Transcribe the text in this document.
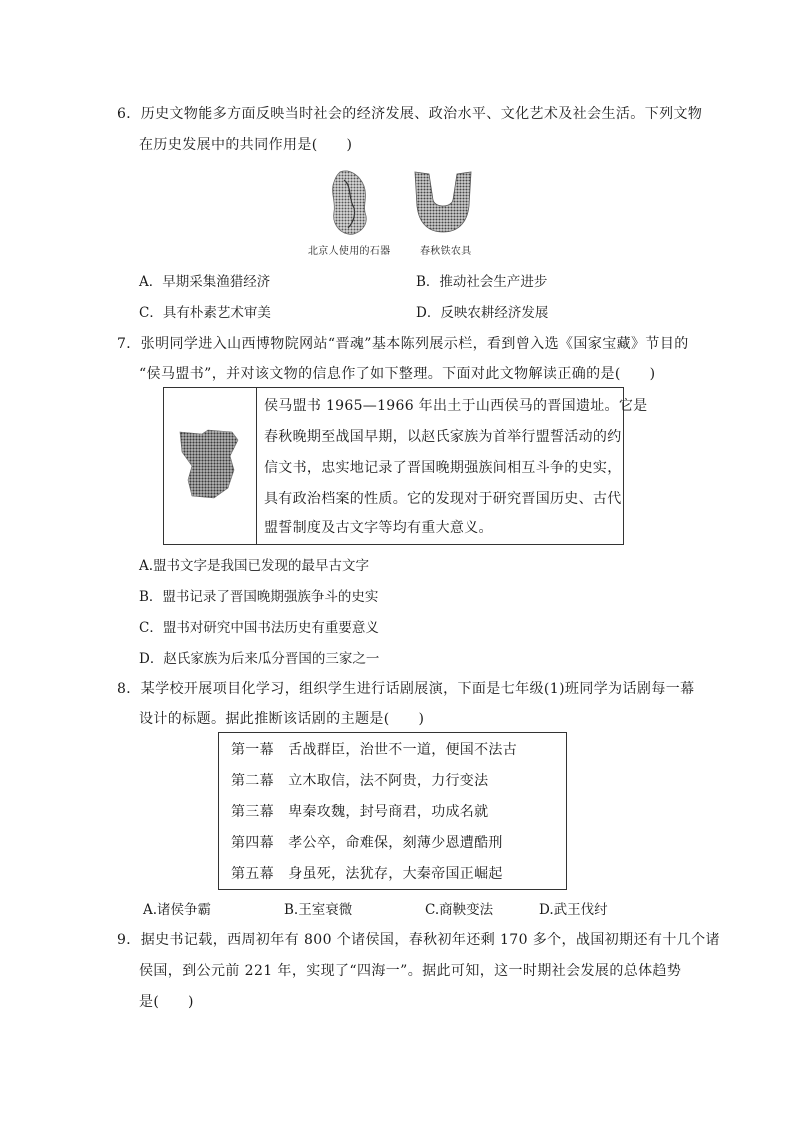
6．历史文物能多方面反映当时社会的经济发展、政治水平、文化艺术及社会生活。下列文物
在历史发展中的共同作用是(　　)
北京人使用的石器	春秋铁农具
A．早期采集渔猎经济	B．推动社会生产进步
C．具有朴素艺术审美	D．反映农耕经济发展
7．张明同学进入山西博物院网站“晋魂”基本陈列展示栏，看到曾入选《国家宝藏》节目的
“侯马盟书”，并对该文物的信息作了如下整理。下面对此文物解读正确的是(　　)
侯马盟书 1965—1966 年出土于山西侯马的晋国遗址。它是
春秋晚期至战国早期，以赵氏家族为首举行盟誓活动的约
信文书，忠实地记录了晋国晚期强族间相互斗争的史实，
具有政治档案的性质。它的发现对于研究晋国历史、古代
盟誓制度及古文字等均有重大意义。
A.盟书文字是我国已发现的最早古文字
B．盟书记录了晋国晚期强族争斗的史实
C．盟书对研究中国书法历史有重要意义
D．赵氏家族为后来瓜分晋国的三家之一
8．某学校开展项目化学习，组织学生进行话剧展演，下面是七年级(1)班同学为话剧每一幕
设计的标题。据此推断该话剧的主题是(　　)
第一幕　舌战群臣，治世不一道，便国不法古
第二幕　立木取信，法不阿贵，力行变法
第三幕　卑秦攻魏，封号商君，功成名就
第四幕　孝公卒，命难保，刻薄少恩遭酷刑
第五幕　身虽死，法犹存，大秦帝国正崛起
A.诸侯争霸	B.王室衰微	C.商鞅变法	D.武王伐纣
9．据史书记载，西周初年有 800 个诸侯国，春秋初年还剩 170 多个，战国初期还有十几个诸
侯国，到公元前 221 年，实现了“四海一”。据此可知，这一时期社会发展的总体趋势
是(　　)
